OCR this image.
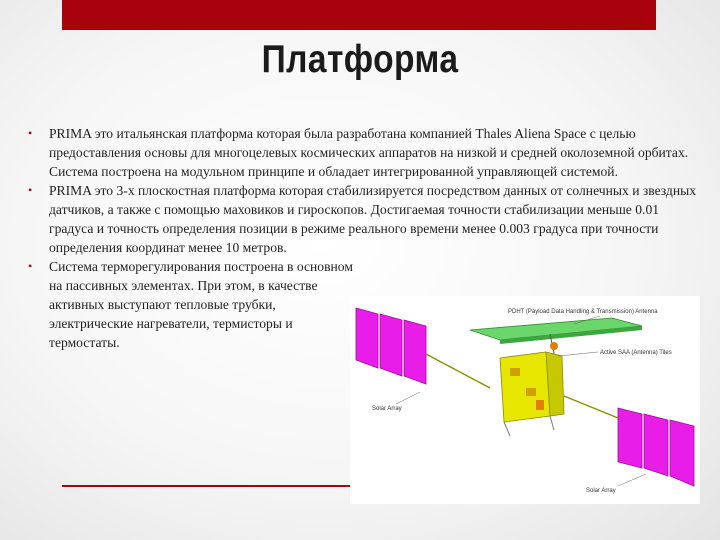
Платформа
• PRIMA это итальянская платформа которая была разработана компанией Thales Aliena Space с целью предоставления основы для многоцелевых космических аппаратов на низкой и средней околоземной орбитах. Система построена на модульном принципе и обладает интегрированной управляющей системой.
• PRIMA это 3-х плоскостная платформа которая стабилизируется посредством данных от солнечных и звездных датчиков, а также с помощью маховиков и гироскопов. Достигаемая точности стабилизации меньше 0.01 градуса и точность определения позиции в режиме реального времени менее 0.003 градуса при точности определения координат менее 10 метров.
• Система терморегулирования построена в основном на пассивных элементах. При этом, в качестве активных выступают тепловые трубки, электрические нагреватели, термисторы и термостаты.
PDHT (Payload Data Handling & Transmission) Antenna
Active SAA (Antenna) Tiles
Solar Array
Solar Array
